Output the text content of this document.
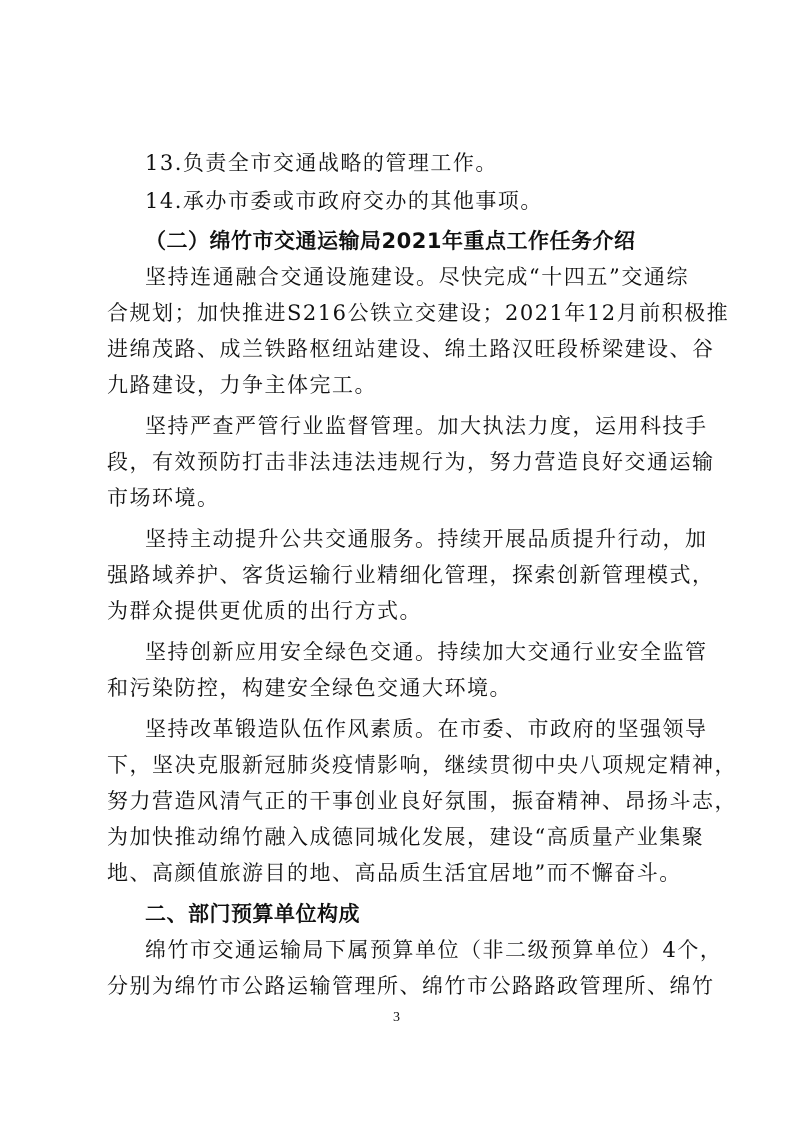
13.负责全市交通战略的管理工作。
14.承办市委或市政府交办的其他事项。
（二）绵竹市交通运输局2021年重点工作任务介绍
坚持连通融合交通设施建设。尽快完成“十四五”交通综
合规划；加快推进S216公铁立交建设；2021年12月前积极推
进绵茂路、成兰铁路枢纽站建设、绵土路汉旺段桥梁建设、谷
九路建设，力争主体完工。
坚持严查严管行业监督管理。加大执法力度，运用科技手
段，有效预防打击非法违法违规行为，努力营造良好交通运输
市场环境。
坚持主动提升公共交通服务。持续开展品质提升行动，加
强路域养护、客货运输行业精细化管理，探索创新管理模式，
为群众提供更优质的出行方式。
坚持创新应用安全绿色交通。持续加大交通行业安全监管
和污染防控，构建安全绿色交通大环境。
坚持改革锻造队伍作风素质。在市委、市政府的坚强领导
下，坚决克服新冠肺炎疫情影响，继续贯彻中央八项规定精神，
努力营造风清气正的干事创业良好氛围，振奋精神、昂扬斗志，
为加快推动绵竹融入成德同城化发展，建设“高质量产业集聚
地、高颜值旅游目的地、高品质生活宜居地”而不懈奋斗。
二、部门预算单位构成
绵竹市交通运输局下属预算单位（非二级预算单位）4个，
分别为绵竹市公路运输管理所、绵竹市公路路政管理所、绵竹
3
